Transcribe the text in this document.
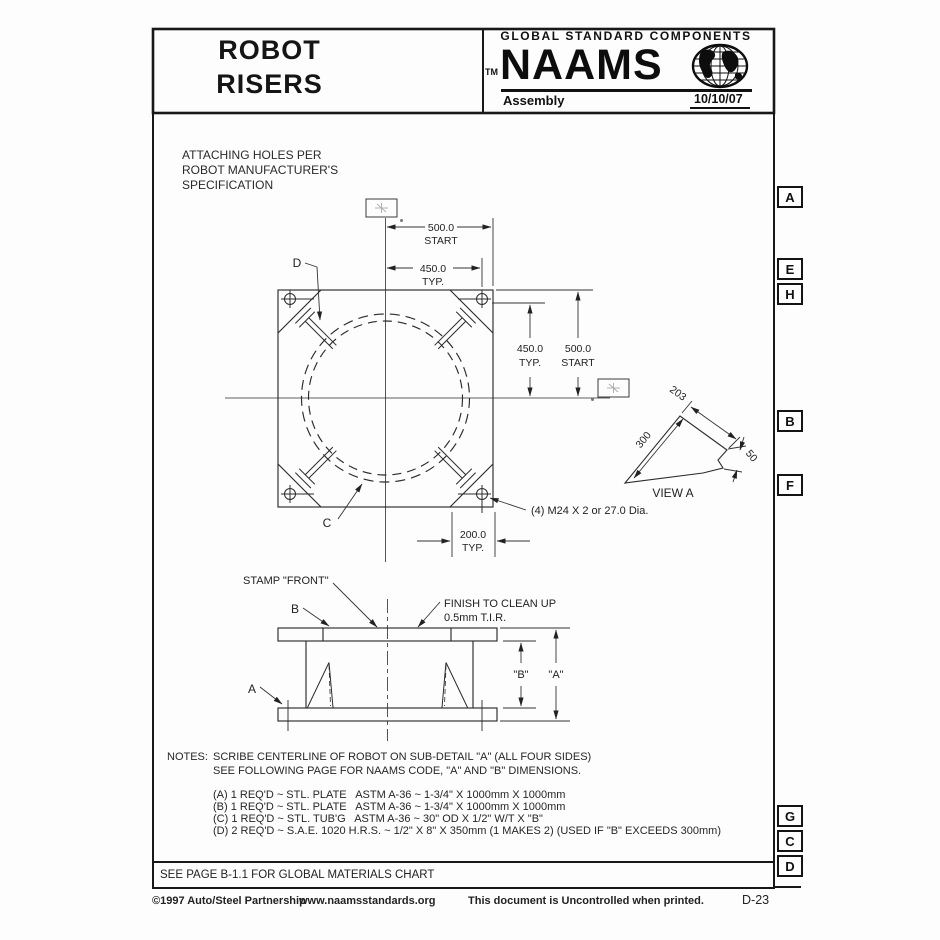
500.0
START
450.0
TYP.
450.0
TYP.
500.0
START
200.0
TYP.
(4) M24 X 2 or 27.0 Dia.
C
D
203
300
50
VIEW A
STAMP "FRONT"
FINISH TO CLEAN UP
0.5mm T.I.R.
B
A
"B" "A"
ROBOT
RISERS
GLOBAL STANDARD COMPONENTS
TM NAAMS
Assembly	10/10/07
ATTACHING HOLES PER
ROBOT MANUFACTURER'S
SPECIFICATION
A
E
H
B
F
G
C
D
NOTES: SCRIBE CENTERLINE OF ROBOT ON SUB-DETAIL "A" (ALL FOUR SIDES)
SEE FOLLOWING PAGE FOR NAAMS CODE, "A" AND "B" DIMENSIONS.
(A) 1 REQ'D ~ STL. PLATE   ASTM A-36 ~ 1-3/4" X 1000mm X 1000mm
(B) 1 REQ'D ~ STL. PLATE   ASTM A-36 ~ 1-3/4" X 1000mm X 1000mm
(C) 1 REQ'D ~ STL. TUB'G   ASTM A-36 ~ 30" OD X 1/2" W/T X "B"
(D) 2 REQ'D ~ S.A.E. 1020 H.R.S. ~ 1/2" X 8" X 350mm (1 MAKES 2) (USED IF "B" EXCEEDS 300mm)
SEE PAGE B-1.1 FOR GLOBAL MATERIALS CHART
©1997 Auto/Steel Partnership
www.naamsstandards.org	This document is Uncontrolled when printed.	D-23
